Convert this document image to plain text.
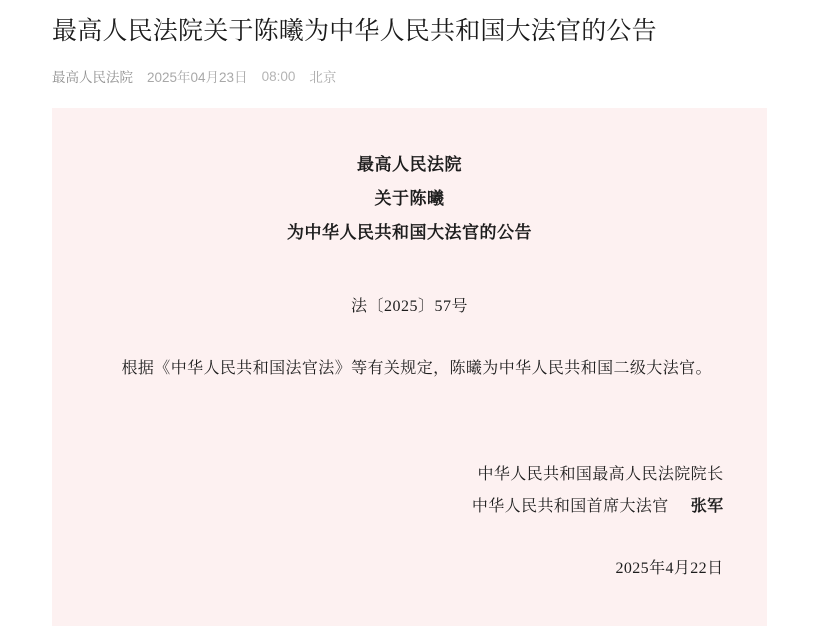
最高人民法院关于陈曦为中华人民共和国大法官的公告
最高人民法院 2025年04月23日 08:00 北京
最高人民法院
关于陈曦
为中华人民共和国大法官的公告
法〔2025〕57号
根据《中华人民共和国法官法》等有关规定，陈曦为中华人民共和国二级大法官。
中华人民共和国最高人民法院院长
中华人民共和国首席大法官 张军
2025年4月22日
